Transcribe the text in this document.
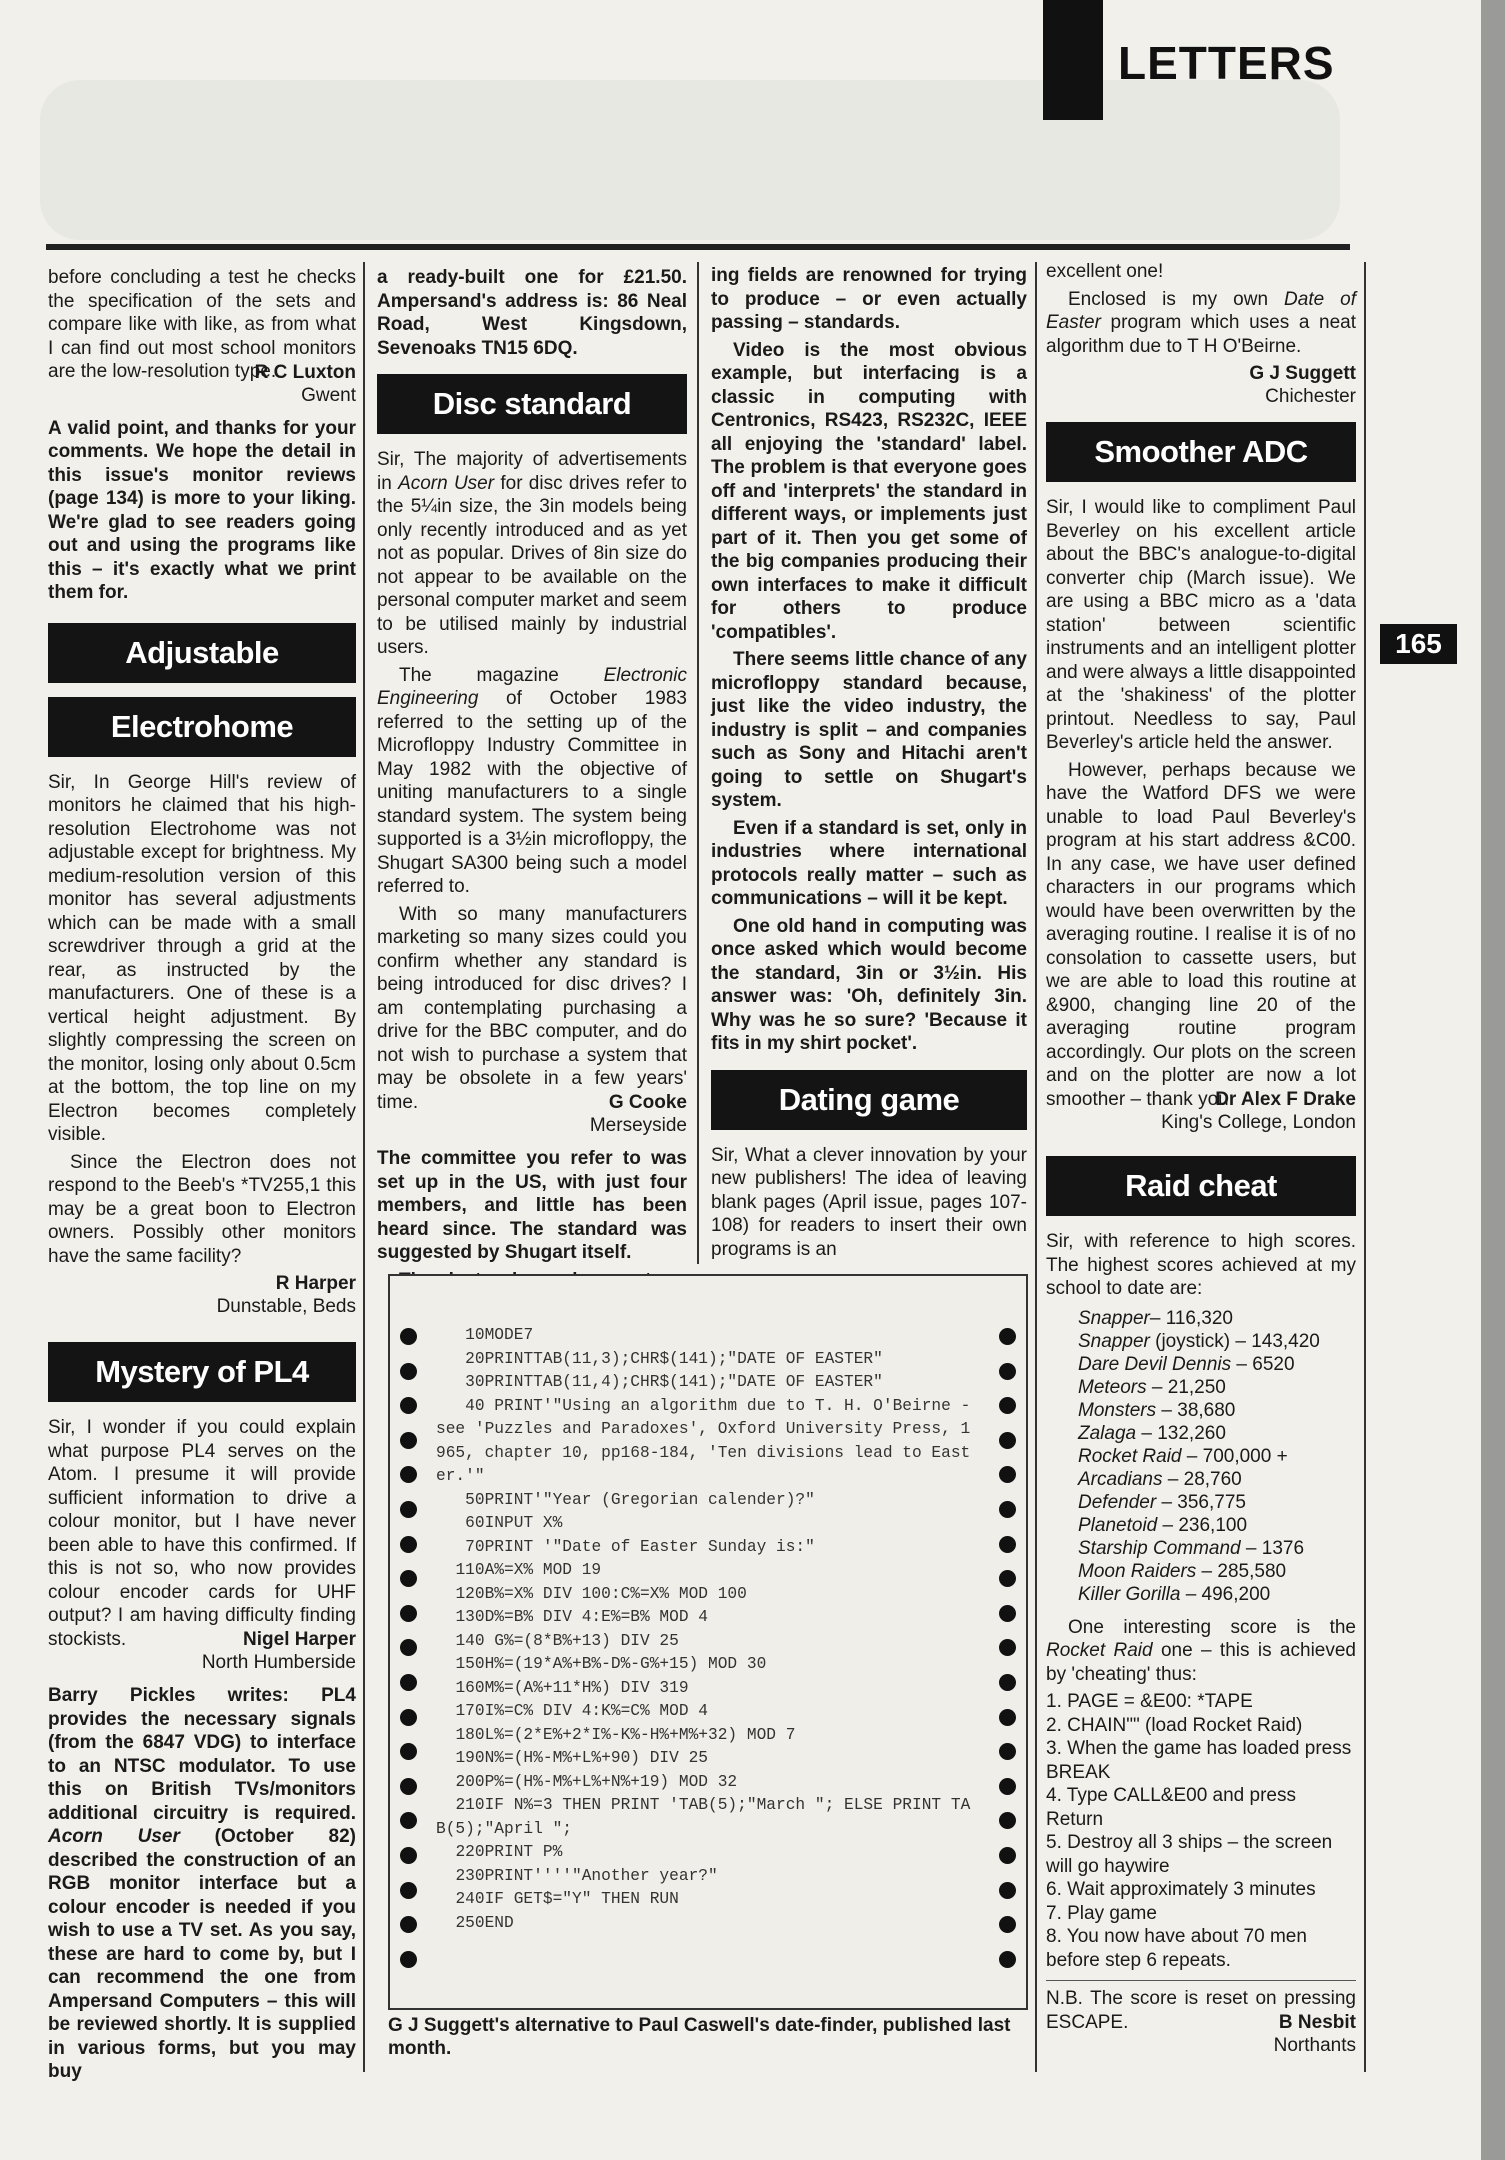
LETTERS
165

before concluding a test he checks the specification of the sets and compare like with like, as from what I can find out most school monitors are the low-resolution type.

R C Luxton
Gwent

A valid point, and thanks for your comments. We hope the detail in this issue's monitor reviews (page 134) is more to your liking. We're glad to see readers going out and using the programs like this – it's exactly what we print them for.

Adjustable
Electrohome

Sir, In George Hill's review of monitors he claimed that his high-resolution Electrohome was not adjustable except for brightness. My medium-resolution version of this monitor has several adjustments which can be made with a small screwdriver through a grid at the rear, as instructed by the manufacturers. One of these is a vertical height adjustment. By slightly compressing the screen on the monitor, losing only about 0.5cm at the bottom, the top line on my Electron becomes completely visible.

Since the Electron does not respond to the Beeb's *TV255,1 this may be a great boon to Electron owners. Possibly other monitors have the same facility?

R Harper
Dunstable, Beds
Mystery of PL4

Sir, I wonder if you could explain what purpose PL4 serves on the Atom. I presume it will provide sufficient information to drive a colour monitor, but I have never been able to have this confirmed. If this is not so, who now provides colour encoder cards for UHF output? I am having difficulty finding stockists.	Nigel Harper
North Humberside

Barry Pickles writes: PL4 provides the necessary signals (from the 6847 VDG) to interface to an NTSC modulator. To use this on British TVs/monitors additional circuitry is required. Acorn User (October 82) described the construction of an RGB monitor interface but a colour encoder is needed if you wish to use a TV set. As you say, these are hard to come by, but I can recommend the one from Ampersand Computers – this will be reviewed shortly. It is supplied in various forms, but you may buy

a ready-built one for £21.50. Ampersand's address is: 86 Neal Road, West Kingsdown, Sevenoaks TN15 6DQ.

Disc standard

Sir, The majority of advertisements in Acorn User for disc drives refer to the 5¼in size, the 3in models being only recently introduced and as yet not as popular. Drives of 8in size do not appear to be available on the personal computer market and seem to be utilised mainly by industrial users.

The magazine Electronic Engineering of October 1983 referred to the setting up of the Microfloppy Industry Committee in May 1982 with the objective of uniting manufacturers to a single standard system. The system being supported is a 3½in microfloppy, the Shugart SA300 being such a model referred to.

With so many manufacturers marketing so many sizes could you confirm whether any standard is being introduced for disc drives? I am contemplating purchasing a drive for the BBC computer, and do not wish to purchase a system that may be obsolete in a few years' time.	G Cooke
Merseyside

The committee you refer to was set up in the US, with just four members, and little has been heard since. The standard was suggested by Shugart itself.

ing fields are renowned for trying to produce – or even actually passing – standards.

Video is the most obvious example, but interfacing is a classic in computing with Centronics, RS423, RS232C, IEEE all enjoying the 'standard' label. The problem is that everyone goes off and 'interprets' the standard in different ways, or implements just part of it. Then you get some of the big companies producing their own interfaces to make it difficult for others to produce 'compatibles'.

There seems little chance of any microfloppy standard because, just like the video industry, the industry is split – and companies such as Sony and Hitachi aren't going to settle on Shugart's system.

Even if a standard is set, only in industries where international protocols really matter – such as communications – will it be kept.

One old hand in computing was once asked which would become the standard, 3in or 3½in. His answer was: 'Oh, definitely 3in. Why was he so sure? 'Because it fits in my shirt pocket'.

Dating game

Sir, What a clever innovation by your new publishers! The idea of leaving blank pages (April issue, pages 107-108) for readers to insert their own programs is an

excellent one!

Enclosed is my own Date of Easter program which uses a neat algorithm due to T H O'Beirne.

G J Suggett
Chichester
Smoother ADC

Sir, I would like to compliment Paul Beverley on his excellent article about the BBC's analogue-to-digital converter chip (March issue). We are using a BBC micro as a 'data station' between scientific instruments and an intelligent plotter and were always a little disappointed at the 'shakiness' of the plotter printout. Needless to say, Paul Beverley's article held the answer.

However, perhaps because we have the Watford DFS we were unable to load Paul Beverley's program at his start address &C00. In any case, we have user defined characters in our programs which would have been overwritten by the averaging routine. I realise it is of no consolation to cassette users, but we are able to load this routine at &900, changing line 20 of the averaging routine program accordingly. Our plots on the screen and on the plotter are now a lot smoother – thank you.

Dr Alex F Drake
King's College, London
Raid cheat

Sir, with reference to high scores. The highest scores achieved at my school to date are:

Snapper– 116,320
Snapper (joystick) – 143,420
Dare Devil Dennis – 6520
Meteors – 21,250
Monsters – 38,680
Zalaga – 132,260
Rocket Raid – 700,000 +
Arcadians – 28,760
Defender – 356,775
Planetoid – 236,100
Starship Command – 1376
Moon Raiders – 285,580
Killer Gorilla – 496,200

One interesting score is the Rocket Raid one – this is achieved by 'cheating' thus:

1. PAGE = &E00: *TAPE
2. CHAIN"" (load Rocket Raid)
3. When the game has loaded press BREAK
4. Type CALL&E00 and press Return
5. Destroy all 3 ships – the screen will go haywire
6. Wait approximately 3 minutes
7. Play game
8. You now have about 70 men before step 6 repeats.

N.B. The score is reset on pressing ESCAPE.	B Nesbit
Northants
10MODE7
20PRINTTAB(11,3);CHR$(141);"DATE OF EASTER"
30PRINTTAB(11,4);CHR$(141);"DATE OF EASTER"
40 PRINT'"Using an algorithm due to T. H. O'Beirne - see 'Puzzles and Paradoxes', Oxford University Press, 1965, chapter 10, pp168-184, 'Ten divisions lead to Easter.'"
50PRINT'"Year (Gregorian calender)?"
60INPUT X%
70PRINT '"Date of Easter Sunday is:"
110A%=X% MOD 19
120B%=X% DIV 100:C%=X% MOD 100
130D%=B% DIV 4:E%=B% MOD 4
140 G%=(8*B%+13) DIV 25
150H%=(19*A%+B%-D%-G%+15) MOD 30
160M%=(A%+11*H%) DIV 319
170I%=C% DIV 4:K%=C% MOD 4
180L%=(2*E%+2*I%-K%-H%+M%+32) MOD 7
190N%=(H%-M%+L%+90) DIV 25
200P%=(H%-M%+L%+N%+19) MOD 32
210IF N%=3 THEN PRINT 'TAB(5);"March "; ELSE PRINT TAB(5);"April ";
220PRINT P%
230PRINT''''"Another year?"
240IF GET$="Y" THEN RUN
250END
G J Suggett's alternative to Paul Caswell's date-finder, published last month.
